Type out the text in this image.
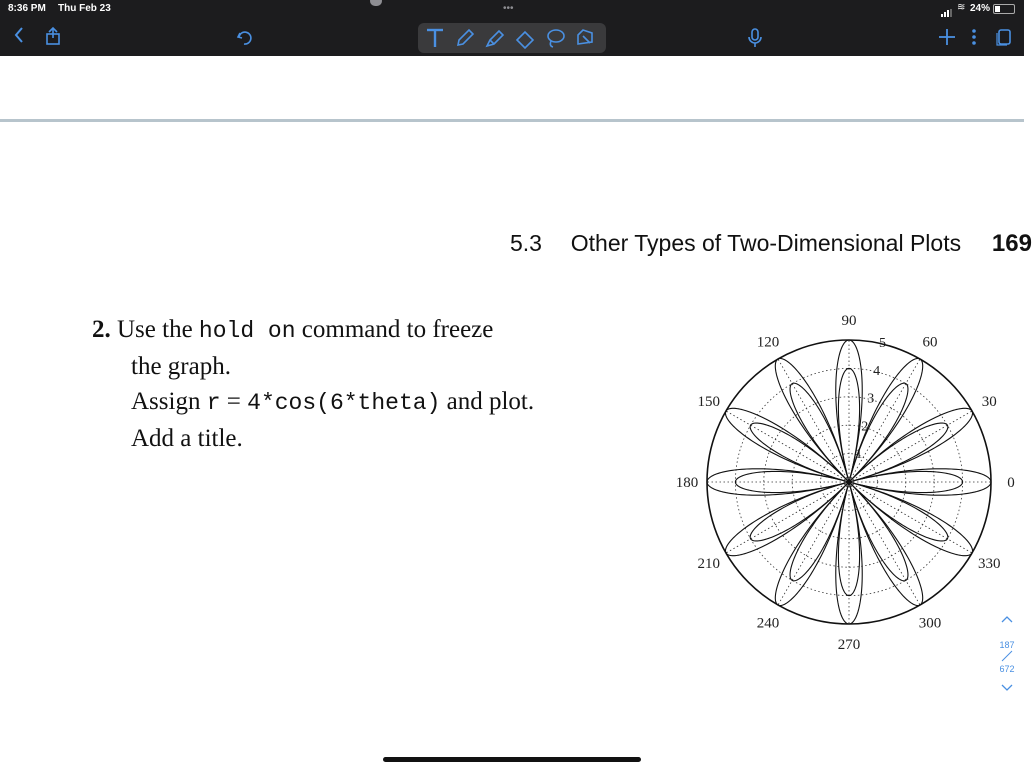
8:36 PM Thu Feb 23	•••	≋ 24%
5.3 Other Types of Two-Dimensional Plots 169
2. Use the hold on command to freeze
the graph.
Assign r = 4*cos(6*theta) and plot.
Add a title.
0
30
60
90
120
150
180
210
240
270
300
330
1
2
3
4
5
187
672
